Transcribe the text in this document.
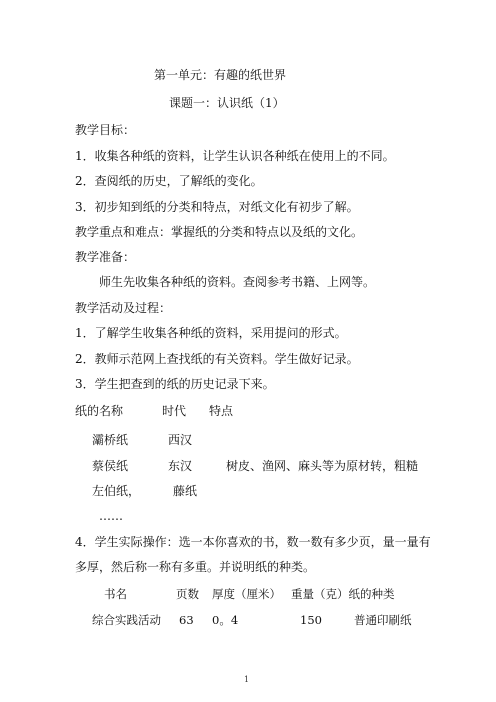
第一单元：有趣的纸世界
课题一：认识纸（1）
教学目标：
1．收集各种纸的资料，让学生认识各种纸在使用上的不同。
2．查阅纸的历史，了解纸的变化。
3．初步知到纸的分类和特点，对纸文化有初步了解。
教学重点和难点：掌握纸的分类和特点以及纸的文化。
教学准备：
师生先收集各种纸的资料。查阅参考书籍、上网等。
教学活动及过程：
1．了解学生收集各种纸的资料，采用提问的形式。
2．教师示范网上查找纸的有关资料。学生做好记录。
3．学生把查到的纸的历史记录下来。
纸的名称	时代 特点
灞桥纸	西汉
蔡侯纸	东汉	树皮、渔网、麻头等为原材转，粗糙
左伯纸，	藤纸
……
4．学生实际操作：选一本你喜欢的书，数一数有多少页，量一量有
多厚，然后称一称有多重。并说明纸的种类。
书名	页数 厚度（厘米） 重量（克）纸的种类
综合实践活动 63 0。4	150	普通印刷纸
1
